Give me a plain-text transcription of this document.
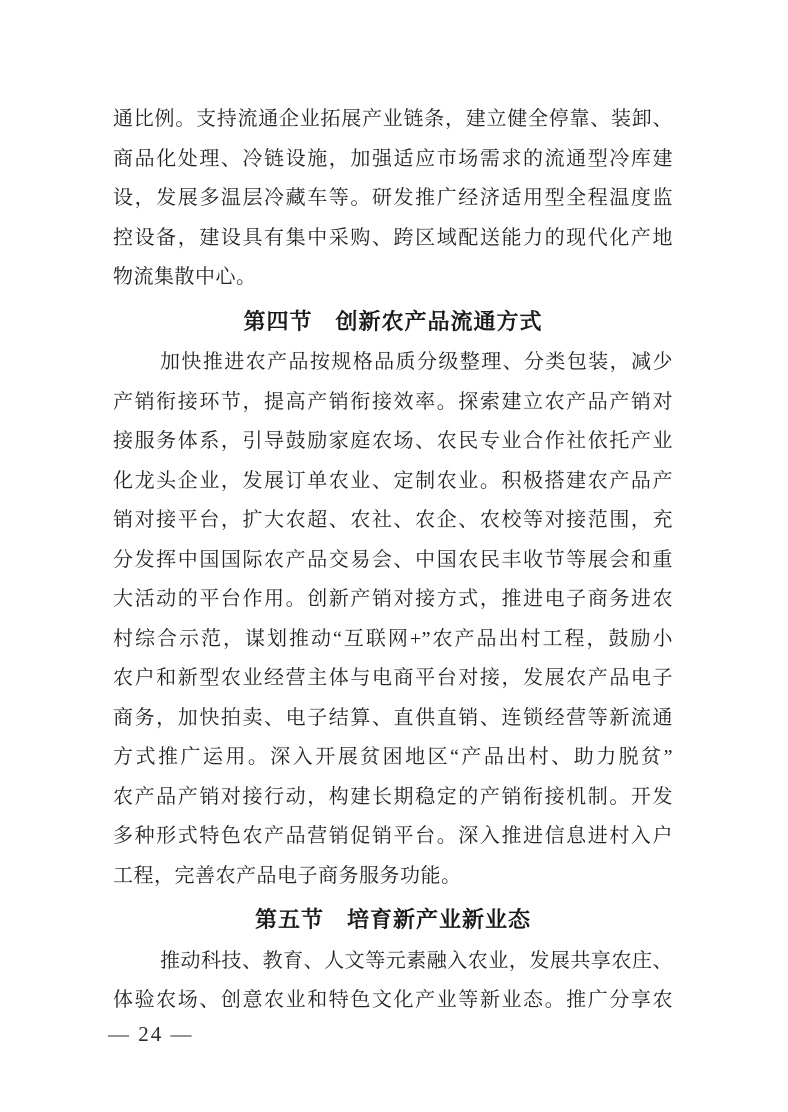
通比例。支持流通企业拓展产业链条，建立健全停靠、装卸、
商品化处理、冷链设施，加强适应市场需求的流通型冷库建
设，发展多温层冷藏车等。研发推广经济适用型全程温度监
控设备，建设具有集中采购、跨区域配送能力的现代化产地
物流集散中心。
第四节　创新农产品流通方式
加快推进农产品按规格品质分级整理、分类包装，减少
产销衔接环节，提高产销衔接效率。探索建立农产品产销对
接服务体系，引导鼓励家庭农场、农民专业合作社依托产业
化龙头企业，发展订单农业、定制农业。积极搭建农产品产
销对接平台，扩大农超、农社、农企、农校等对接范围，充
分发挥中国国际农产品交易会、中国农民丰收节等展会和重
大活动的平台作用。创新产销对接方式，推进电子商务进农
村综合示范，谋划推动“互联网+”农产品出村工程，鼓励小
农户和新型农业经营主体与电商平台对接，发展农产品电子
商务，加快拍卖、电子结算、直供直销、连锁经营等新流通
方式推广运用。深入开展贫困地区“产品出村、助力脱贫”
农产品产销对接行动，构建长期稳定的产销衔接机制。开发
多种形式特色农产品营销促销平台。深入推进信息进村入户
工程，完善农产品电子商务服务功能。
第五节　培育新产业新业态
推动科技、教育、人文等元素融入农业，发展共享农庄、
体验农场、创意农业和特色文化产业等新业态。推广分享农
— 24 —
